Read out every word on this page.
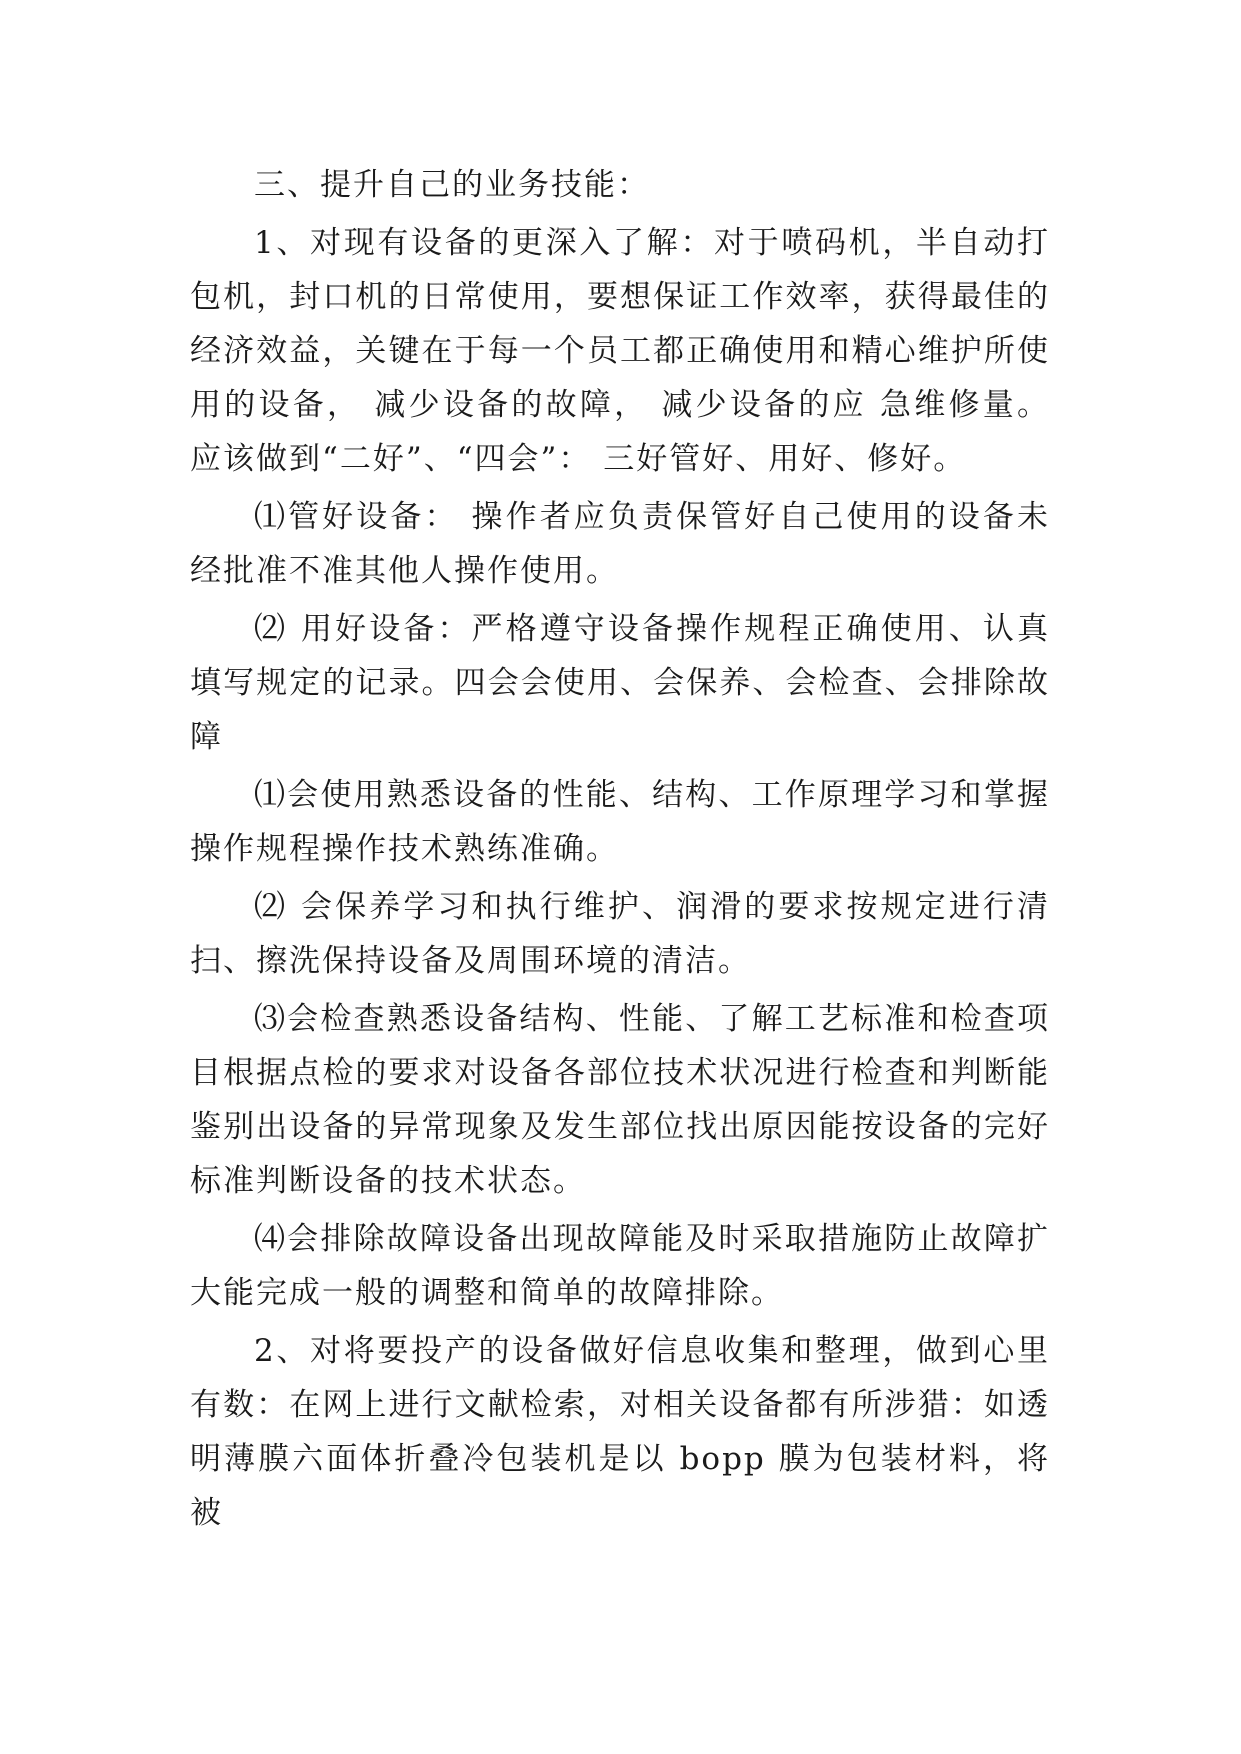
三、提升自己的业务技能：

1、对现有设备的更深入了解：对于喷码机，半自动打包机，封口机的日常使用，要想保证工作效率，获得最佳的经济效益，关键在于每一个员工都正确使用和精心维护所使用的设备， 减少设备的故障， 减少设备的应 急维修量。应该做到“二好”、“四会”： 三好管好、用好、修好。

⑴管好设备： 操作者应负责保管好自己使用的设备未经批准不准其他人操作使用。

⑵ 用好设备：严格遵守设备操作规程正确使用、认真填写规定的记录。四会会使用、会保养、会检查、会排除故障

⑴会使用熟悉设备的性能、结构、工作原理学习和掌握操作规程操作技术熟练准确。

⑵ 会保养学习和执行维护、润滑的要求按规定进行清扫、擦洗保持设备及周围环境的清洁。

⑶会检查熟悉设备结构、性能、了解工艺标准和检查项目根据点检的要求对设备各部位技术状况进行检查和判断能鉴别出设备的异常现象及发生部位找出原因能按设备的完好标准判断设备的技术状态。

⑷会排除故障设备出现故障能及时采取措施防止故障扩大能完成一般的调整和简单的故障排除。

2、对将要投产的设备做好信息收集和整理，做到心里有数：在网上进行文献检索，对相关设备都有所涉猎：如透明薄膜六面体折叠冷包装机是以 bopp 膜为包装材料，将被
